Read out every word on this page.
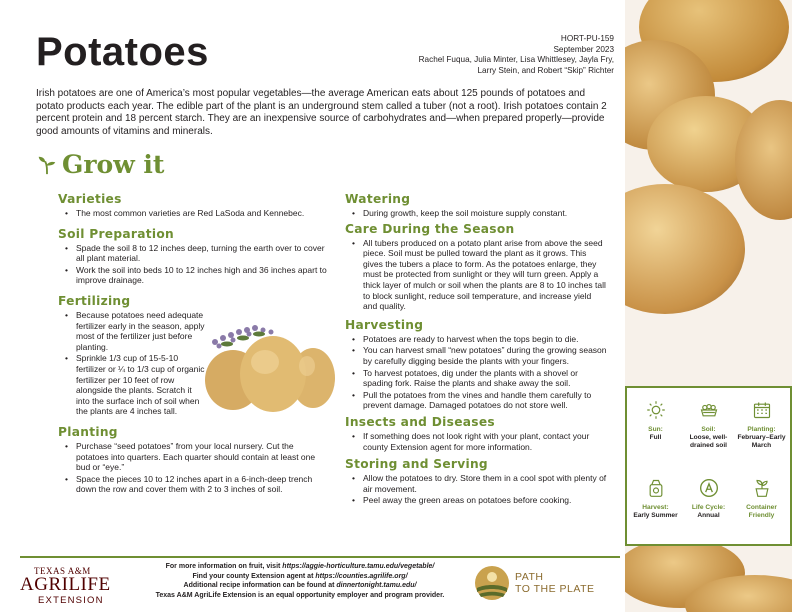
Potatoes	HORT-PU-159
September 2023
Rachel Fuqua, Julia Minter, Lisa Whittlesey, Jayla Fry,
Larry Stein, and Robert “Skip” Richter

Irish potatoes are one of America’s most popular vegetables—the average American eats about 125 pounds of potatoes and potato products each year. The edible part of the plant is an underground stem called a tuber (not a root). Irish potatoes contain 2 percent protein and 18 percent starch. They are an inexpensive source of carbohydrates and—when prepared properly—provide good amounts of vitamins and minerals.

Grow it
Varieties
• The most common varieties are Red LaSoda and Kennebec.
Soil Preparation
• Spade the soil 8 to 12 inches deep, turning the earth over to cover all plant material.
• Work the soil into beds 10 to 12 inches high and 36 inches apart to improve drainage.
Fertilizing
• Because potatoes need adequate fertilizer early in the season, apply most of the fertilizer just before planting.
• Sprinkle 1/3 cup of 15-5-10 fertilizer or ¼ to 1/3 cup of organic fertilizer per 10 feet of row alongside the plants. Scratch it into the surface inch of soil when the plants are 4 inches tall.
Planting
• Purchase “seed potatoes” from your local nursery. Cut the potatoes into quarters. Each quarter should contain at least one bud or “eye.”
• Space the pieces 10 to 12 inches apart in a 6-inch-deep trench down the row and cover them with 2 to 3 inches of soil.
Watering
• During growth, keep the soil moisture supply constant.
Care During the Season
• All tubers produced on a potato plant arise from above the seed piece. Soil must be pulled toward the plant as it grows. This gives the tubers a place to form. As the potatoes enlarge, they must be protected from sunlight or they will turn green. Apply a thick layer of mulch or soil when the plants are 8 to 10 inches tall to block sunlight, reduce soil temperature, and increase yield and quality.
Harvesting
• Potatoes are ready to harvest when the tops begin to die.
• You can harvest small “new potatoes” during the growing season by carefully digging beside the plants with your fingers.
• To harvest potatoes, dig under the plants with a shovel or spading fork. Raise the plants and shake away the soil.
• Pull the potatoes from the vines and handle them carefully to prevent damage. Damaged potatoes do not store well.
Insects and Diseases
• If something does not look right with your plant, contact your county Extension agent for more information.
Storing and Serving
• Allow the potatoes to dry. Store them in a cool spot with plenty of air movement.
• Peel away the green areas on potatoes before cooking.
Sun:
Full
Soil:
Loose, well-drained soil
Planting:
February–Early March
Harvest:
Early Summer
Life Cycle:
Annual
Container Friendly
TEXAS A&M
AGRILIFE
EXTENSION
For more information on fruit, visit https://aggie-horticulture.tamu.edu/vegetable/
Find your county Extension agent at https://counties.agrilife.org/
Additional recipe information can be found at dinnertonight.tamu.edu/
Texas A&M AgriLife Extension is an equal opportunity employer and program provider.
PATH
TO THE PLATE
